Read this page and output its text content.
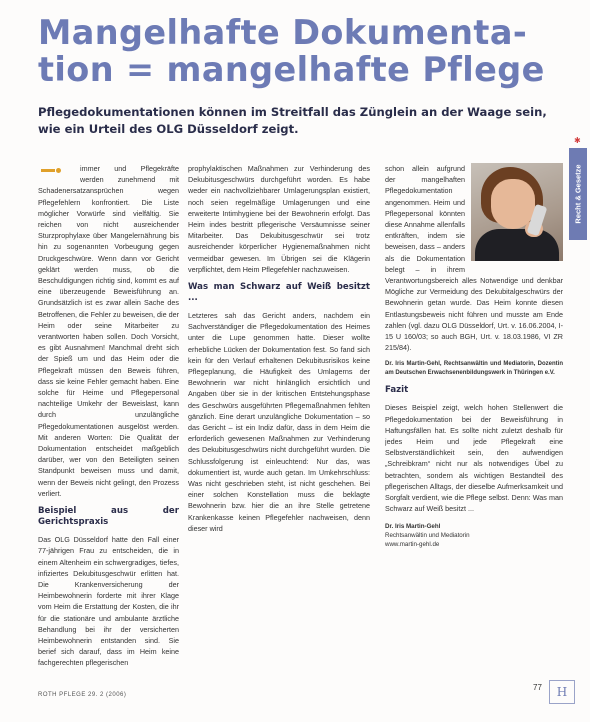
Mangelhafte Dokumenta-
tion = mangelhafte Pflege
Pflegedokumentationen können im Streitfall das Zünglein an der Waage sein, wie ein Urteil des OLG Düsseldorf zeigt.
✱
Recht & Gesetze

immer und Pflegekräfte werden zunehmend mit Schadenersatzansprüchen wegen Pflegefehlern konfrontiert. Die Liste möglicher Vorwürfe sind vielfältig. Sie reichen von nicht ausreichender Sturzprophylaxe über Mangelernährung bis hin zu sogenannten Vorbeugung gegen Druckgeschwüre. Wenn dann vor Gericht geklärt werden muss, ob die Beschuldigungen richtig sind, kommt es auf eine überzeugende Beweisführung an. Grundsätzlich ist es zwar allein Sache des Betroffenen, die Fehler zu beweisen, die der Heim oder seine Mitarbeiter zu verantworten haben sollen. Doch Vorsicht, es gibt Ausnahmen! Manchmal dreht sich der Spieß um und das Heim oder die Pflegekraft müssen den Beweis führen, dass sie keine Fehler gemacht haben. Eine solche für Heime und Pflegepersonal nachteilige Umkehr der Beweislast, kann durch unzulängliche Pflegedokumentationen ausgelöst werden. Mit anderen Worten: Die Qualität der Dokumentation entscheidet maßgeblich darüber, wer von den Beteiligten seinen Standpunkt beweisen muss und damit, wenn der Beweis nicht gelingt, den Prozess verliert.

Beispiel aus der Gerichtspraxis

Das OLG Düsseldorf hatte den Fall einer 77-jährigen Frau zu entscheiden, die in einem Altenheim ein schwergradiges, tiefes, infiziertes Dekubitusgeschwür erlitten hat. Die Krankenversicherung der Heimbewohnerin forderte mit ihrer Klage vom Heim die Erstattung der Kosten, die ihr für die stationäre und ambulante ärztliche Behandlung bei ihr der versicherten Heimbewohnerin entstanden sind. Sie berief sich darauf, dass im Heim keine fachgerechten pflegerischen

prophylaktischen Maßnahmen zur Verhinderung des Dekubitusgeschwürs durchgeführt worden. Es habe weder ein nachvollziehbarer Umlagerungsplan existiert, noch seien regelmäßige Umlagerungen und eine erweiterte Intimhygiene bei der Bewohnerin erfolgt. Das Heim indes bestritt pflegerische Versäumnisse seiner Mitarbeiter. Das Dekubitusgeschwür sei trotz ausreichender körperlicher Hygienemaßnahmen nicht vermeidbar gewesen. Im Übrigen sei die Klägerin verpflichtet, dem Heim Pflegefehler nachzuweisen.

Was man Schwarz auf Weiß besitzt ...

Letzteres sah das Gericht anders, nachdem ein Sachverständiger die Pflegedokumentation des Heimes unter die Lupe genommen hatte. Dieser wollte erhebliche Lücken der Dokumentation fest. So fand sich kein für den Verlauf erhaltenen Dekubitusrisikos keine Pflegeplanung, die Häufigkeit des Umlagerns der Bewohnerin war nicht hinlänglich ersichtlich und Angaben über sie in der kritischen Entstehungsphase des Geschwürs ausgeführten Pflegemaßnahmen fehlten gänzlich. Eine derart unzulängliche Dokumentation – so das Gericht – ist ein Indiz dafür, dass in dem Heim die erforderlich gewesenen Maßnahmen zur Verhinderung des Dekubitusgeschwürs nicht durchgeführt wurden. Die Schlussfolgerung ist einleuchtend: Nur das, was dokumentiert ist, wurde auch getan. Im Umkehrschluss: Was nicht geschrieben steht, ist nicht geschehen. Bei einer solchen Konstellation muss die beklagte Bewohnerin bzw. hier die an ihre Stelle getretene Krankenkasse keinen Pflegefehler nachweisen, denn dieser wird

schon allein aufgrund der mangelhaften Pflegedokumentation angenommen. Heim und Pflegepersonal könnten diese Annahme allenfalls entkräften, indem sie beweisen, dass – anders als die Dokumentation belegt – in ihrem Verantwortungsbereich alles Notwendige und denkbar Mögliche zur Vermeidung des Dekubitalgeschwürs der Bewohnerin getan wurde. Das Heim konnte diesen Entlastungsbeweis nicht führen und musste am Ende zahlen (vgl. dazu OLG Düsseldorf, Urt. v. 16.06.2004, I-15 U 160/03; so auch BGH, Urt. v. 18.03.1986, VI ZR 215/84).

Dr. Iris Martin-Gehl, Rechtsanwältin und Mediatorin, Dozentin am Deutschen Erwachsenenbildungswerk in Thüringen e.V.

Fazit

Dieses Beispiel zeigt, welch hohen Stellenwert die Pflegedokumentation bei der Beweisführung in Haftungsfällen hat. Es sollte nicht zuletzt deshalb für jedes Heim und jede Pflegekraft eine Selbstverständlichkeit sein, den aufwendigen „Schreibkram“ nicht nur als notwendiges Übel zu betrachten, sondern als wichtigen Bestandteil des pflegerischen Alltags, der dieselbe Aufmerksamkeit und Sorgfalt verdient, wie die Pflege selbst. Denn: Was man Schwarz auf Weiß besitzt ...

Dr. Iris Martin-Gehl
Rechtsanwältin und Mediatorin
www.martin-gehl.de
ROTH PFLEGE 29. 2 (2006)
77	H
